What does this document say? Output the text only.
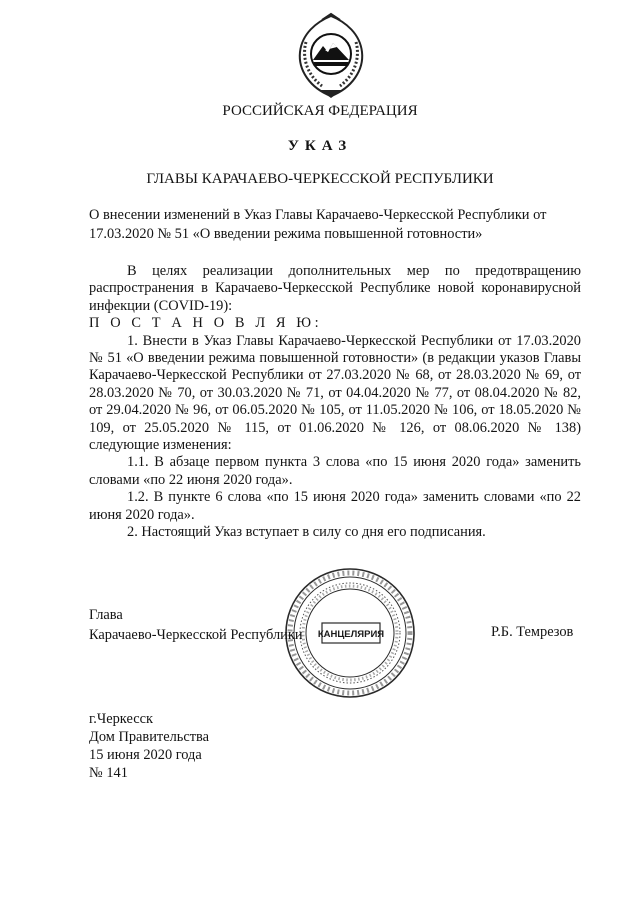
РОССИЙСКАЯ ФЕДЕРАЦИЯ
УКАЗ
ГЛАВЫ КАРАЧАЕВО-ЧЕРКЕССКОЙ РЕСПУБЛИКИ
О внесении изменений в Указ Главы Карачаево-Черкесской Республики от
17.03.2020 № 51 «О введении режима повышенной готовности»

В целях реализации дополнительных мер по предотвращению распространения в Карачаево-Черкесской Республике новой коронавирусной инфекции (COVID-19):

П О С Т А Н О В Л Я Ю:

1. Внести в Указ Главы Карачаево-Черкесской Республики от 17.03.2020 № 51 «О введении режима повышенной готовности» (в редакции указов Главы Карачаево-Черкесской Республики от 27.03.2020 № 68, от 28.03.2020 № 69, от 28.03.2020 № 70, от 30.03.2020 № 71, от 04.04.2020 № 77, от 08.04.2020 № 82, от 29.04.2020 № 96, от 06.05.2020 № 105, от 11.05.2020 № 106, от 18.05.2020 № 109, от 25.05.2020 № 115, от 01.06.2020 № 126, от 08.06.2020 № 138) следующие изменения:

1.1. В абзаце первом пункта 3 слова «по 15 июня 2020 года» заменить словами «по 22 июня 2020 года».

1.2. В пункте 6 слова «по 15 июня 2020 года» заменить словами «по 22 июня 2020 года».

2. Настоящий Указ вступает в силу со дня его подписания.

КАНЦЕЛЯРИЯ
Глава
Карачаево-Черкесской Республики	Р.Б. Темрезов
г.Черкесск
Дом Правительства
15 июня 2020 года
№ 141
